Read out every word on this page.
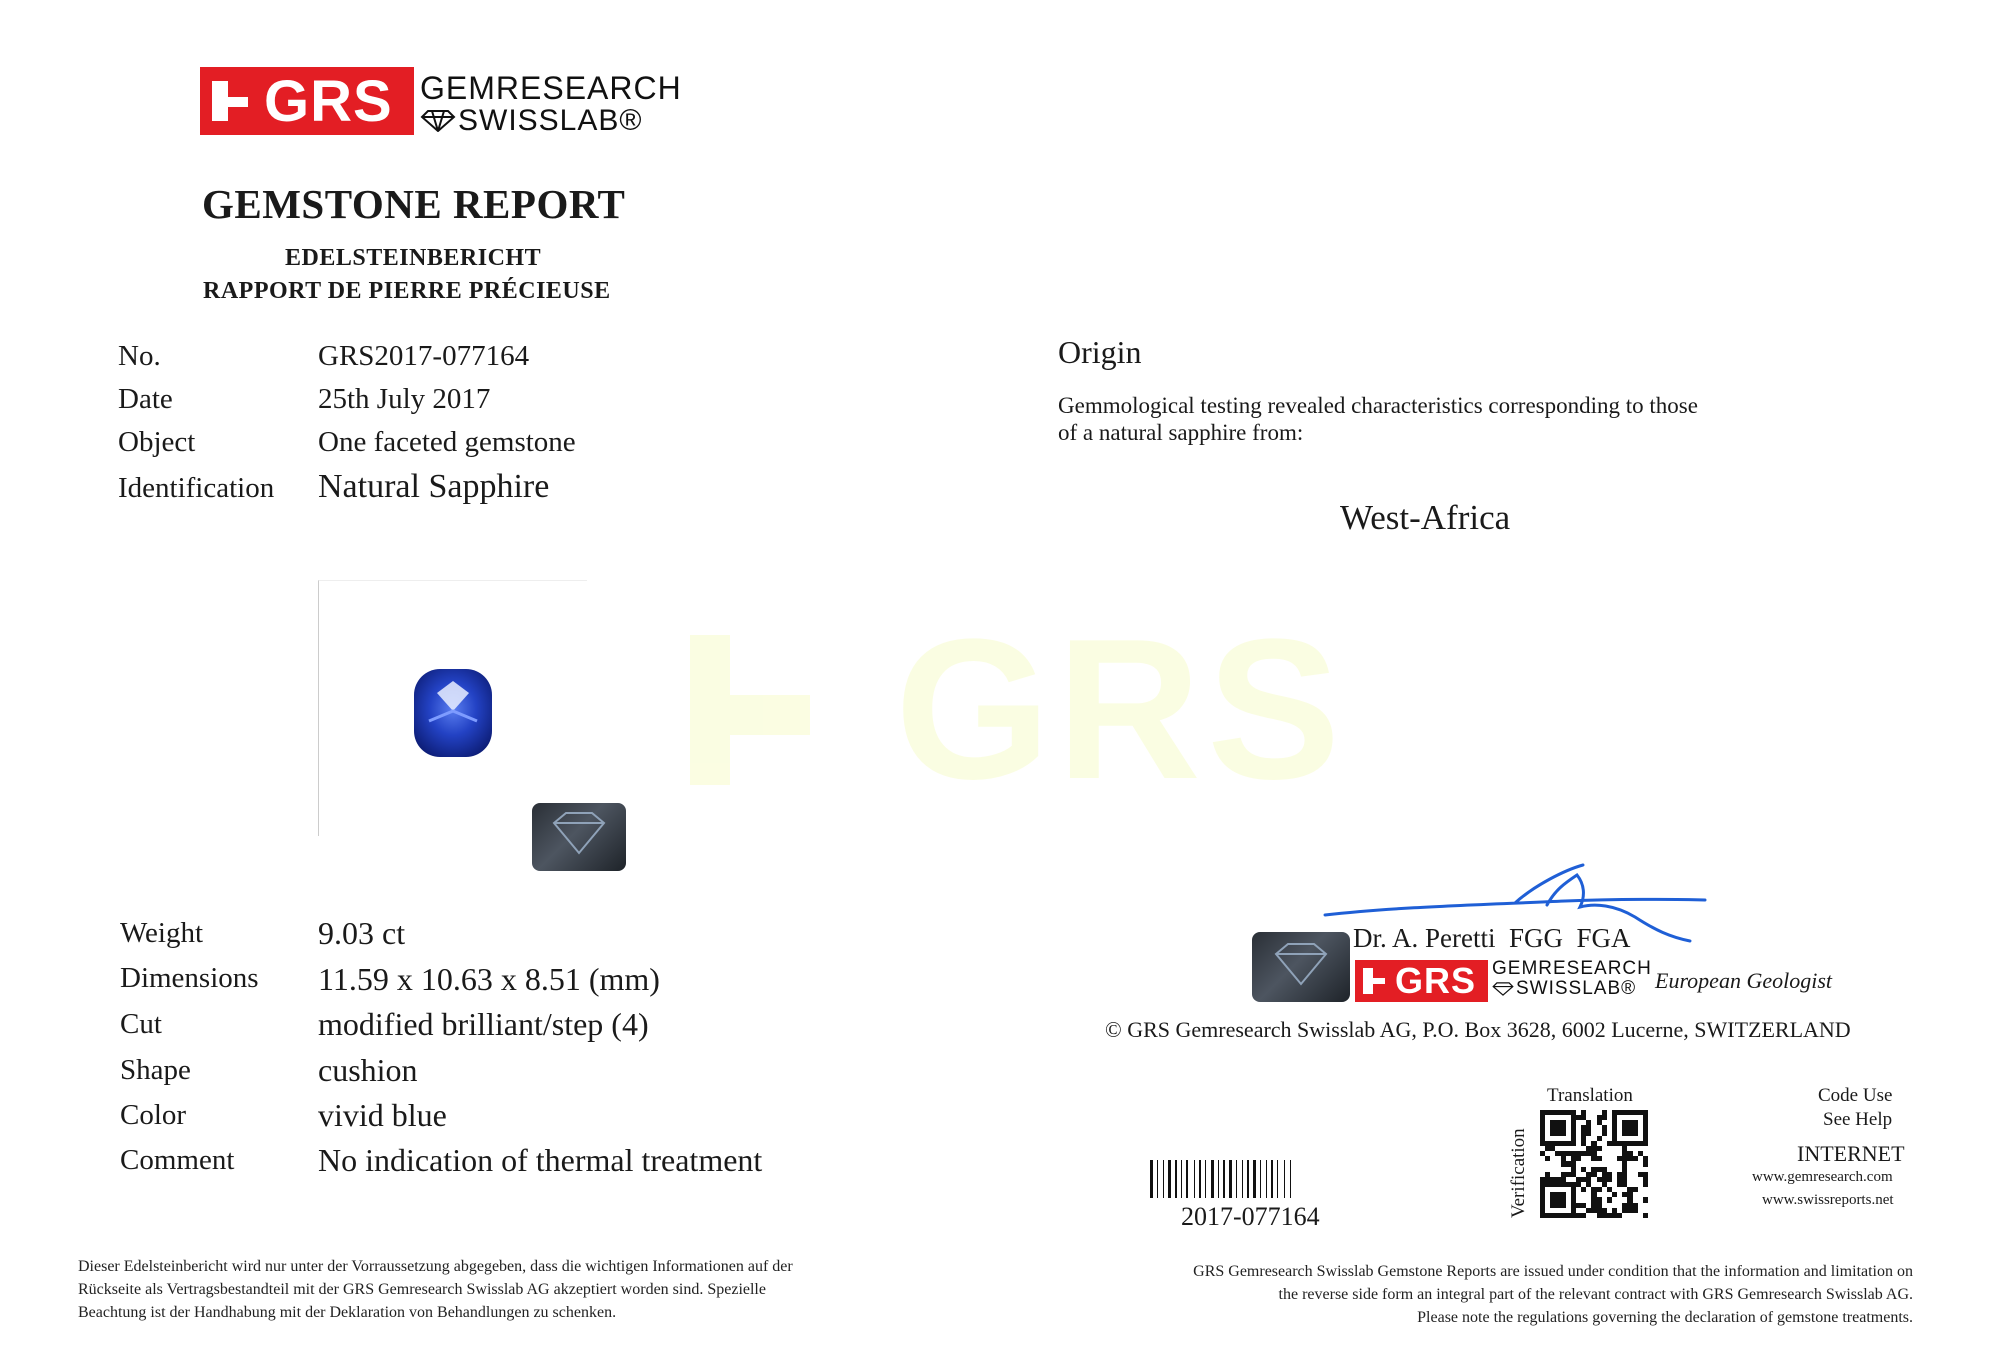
GRS GEMRESEARCH
SWISSLAB®
GEMSTONE REPORT
EDELSTEINBERICHT
RAPPORT DE PIERRE PRÉCIEUSE
No.	GRS2017-077164
Date	25th July 2017
Object	One faceted gemstone
Identification Natural Sapphire
Origin
Gemmological testing revealed characteristics corresponding to those
of a natural sapphire from:
West-Africa
GRS
Weight	9.03 ct
Dimensions 11.59 x 10.63 x 8.51 (mm)
Cut	modified brilliant/step (4)
Shape	cushion
Color	vivid blue
Comment	No indication of thermal treatment
Dr. A. Peretti  FGG  FGA
GRS GEMRESEARCH
SWISSLAB® European Geologist
© GRS Gemresearch Swisslab AG, P.O. Box 3628, 6002 Lucerne, SWITZERLAND
2017-077164
Translation
Verification
Code Use
See Help
INTERNET
www.gemresearch.com
www.swissreports.net
Dieser Edelsteinbericht wird nur unter der Vorraussetzung abgegeben, dass die wichtigen Informationen auf der
Rückseite als Vertragsbestandteil mit der GRS Gemresearch Swisslab AG akzeptiert worden sind. Spezielle
Beachtung ist der Handhabung mit der Deklaration von Behandlungen zu schenken.
GRS Gemresearch Swisslab Gemstone Reports are issued under condition that the information and limitation on
the reverse side form an integral part of the relevant contract with GRS Gemresearch Swisslab AG.
Please note the regulations governing the declaration of gemstone treatments.
